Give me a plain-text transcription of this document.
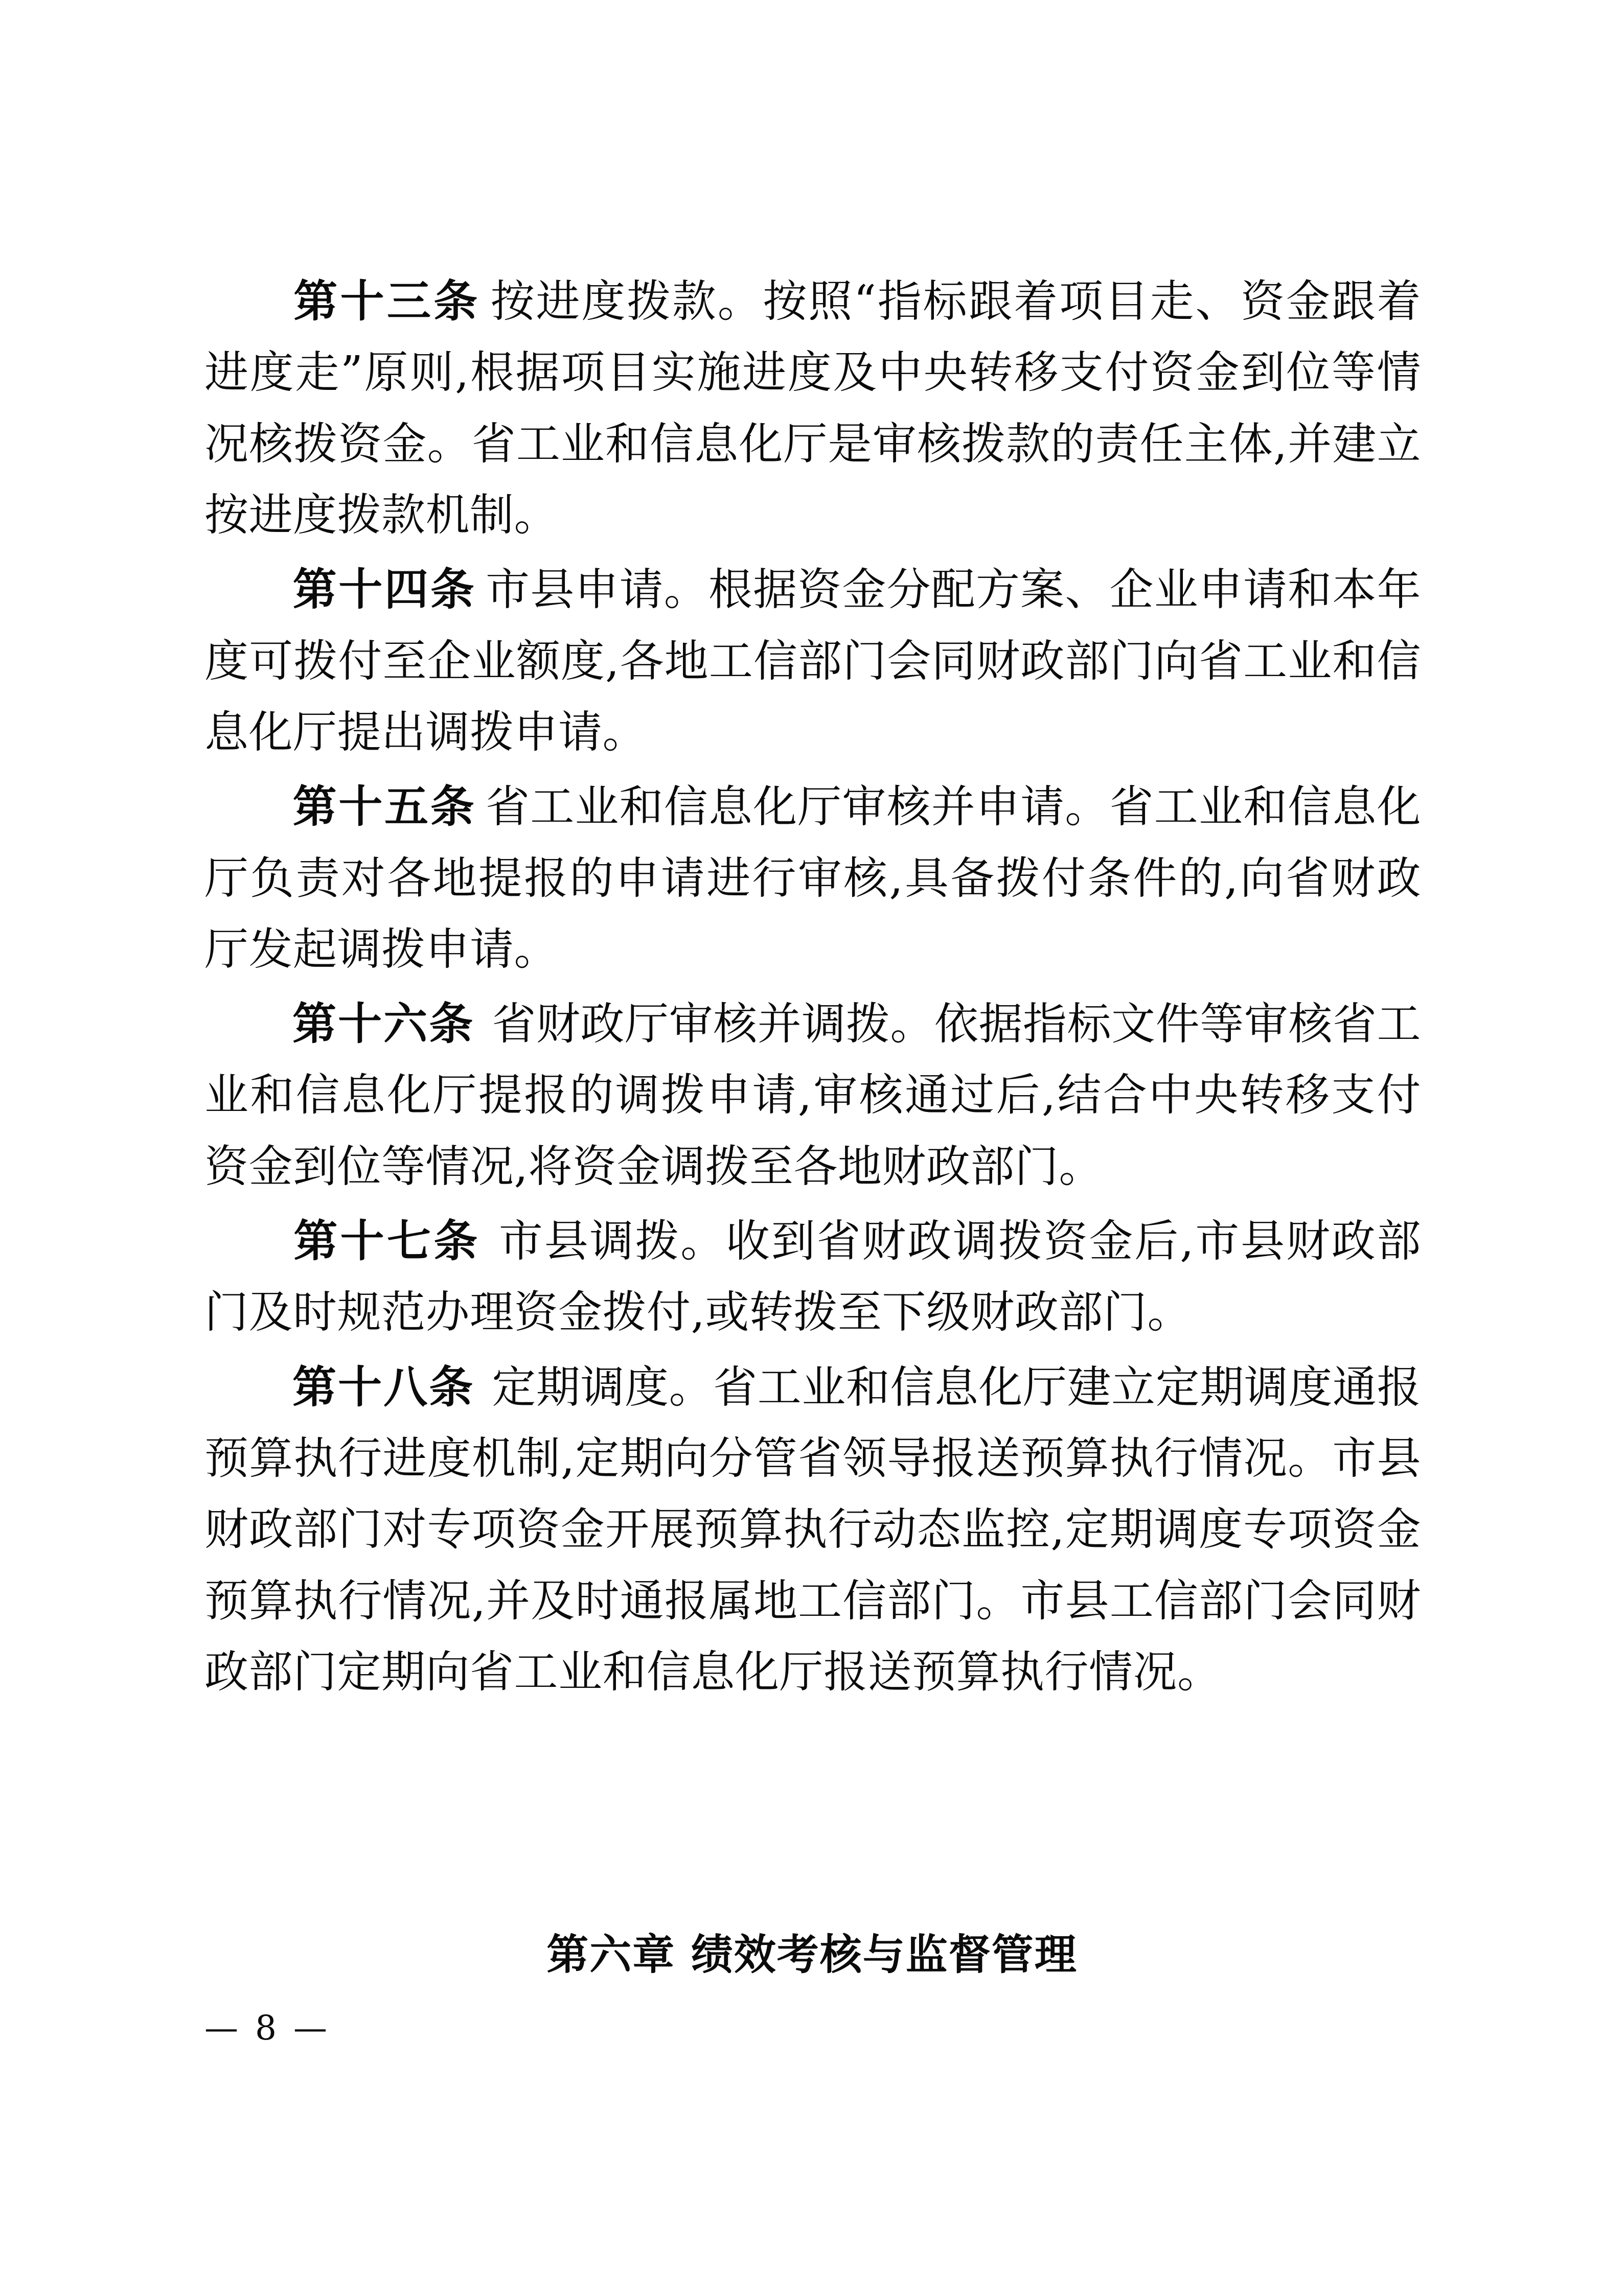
第十三条 按进度拨款。按照“指标跟着项目走、资金跟着进度走”原则,根据项目实施进度及中央转移支付资金到位等情况核拨资金。省工业和信息化厅是审核拨款的责任主体,并建立按进度拨款机制。

第十四条 市县申请。根据资金分配方案、企业申请和本年度可拨付至企业额度,各地工信部门会同财政部门向省工业和信息化厅提出调拨申请。

第十五条 省工业和信息化厅审核并申请。省工业和信息化厅负责对各地提报的申请进行审核,具备拨付条件的,向省财政厅发起调拨申请。

第十六条 省财政厅审核并调拨。依据指标文件等审核省工业和信息化厅提报的调拨申请,审核通过后,结合中央转移支付资金到位等情况,将资金调拨至各地财政部门。

第十七条 市县调拨。收到省财政调拨资金后,市县财政部门及时规范办理资金拨付,或转拨至下级财政部门。

第十八条 定期调度。省工业和信息化厅建立定期调度通报预算执行进度机制,定期向分管省领导报送预算执行情况。市县财政部门对专项资金开展预算执行动态监控,定期调度专项资金预算执行情况,并及时通报属地工信部门。市县工信部门会同财政部门定期向省工业和信息化厅报送预算执行情况。

第六章 绩效考核与监督管理
— 8 —
